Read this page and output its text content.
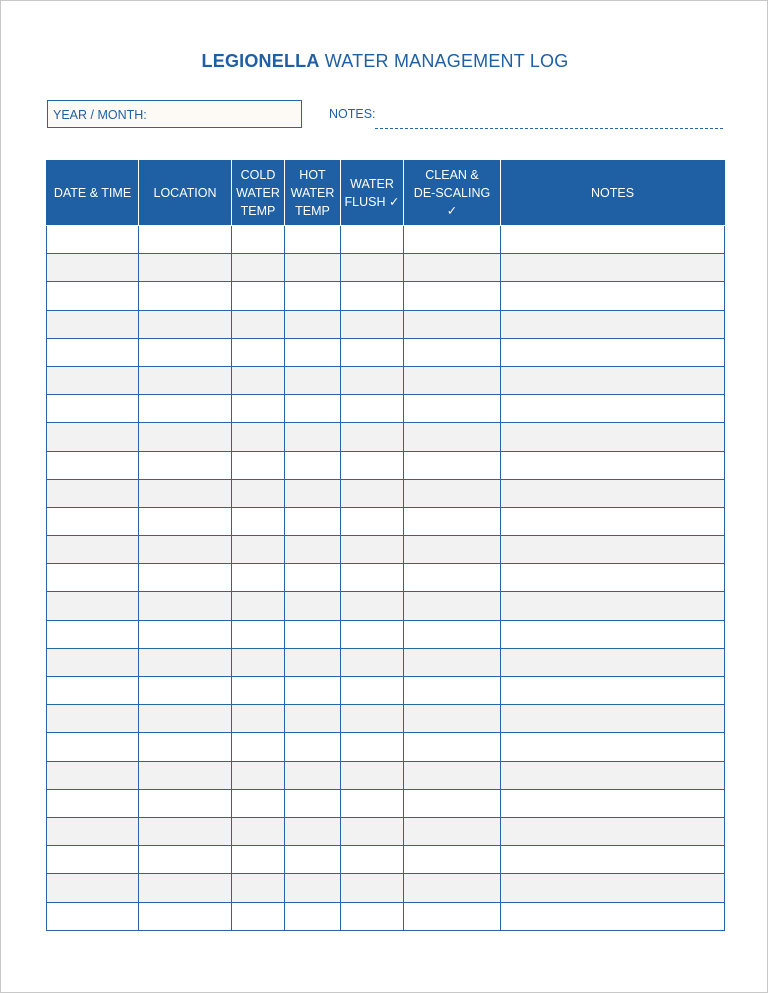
LEGIONELLA WATER MANAGEMENT LOG
YEAR / MONTH:	NOTES:
DATE & TIME	LOCATION	COLD
WATER
TEMP	HOT
WATER
TEMP	WATER
FLUSH ✓	CLEAN &
DE-SCALING
✓	NOTES
